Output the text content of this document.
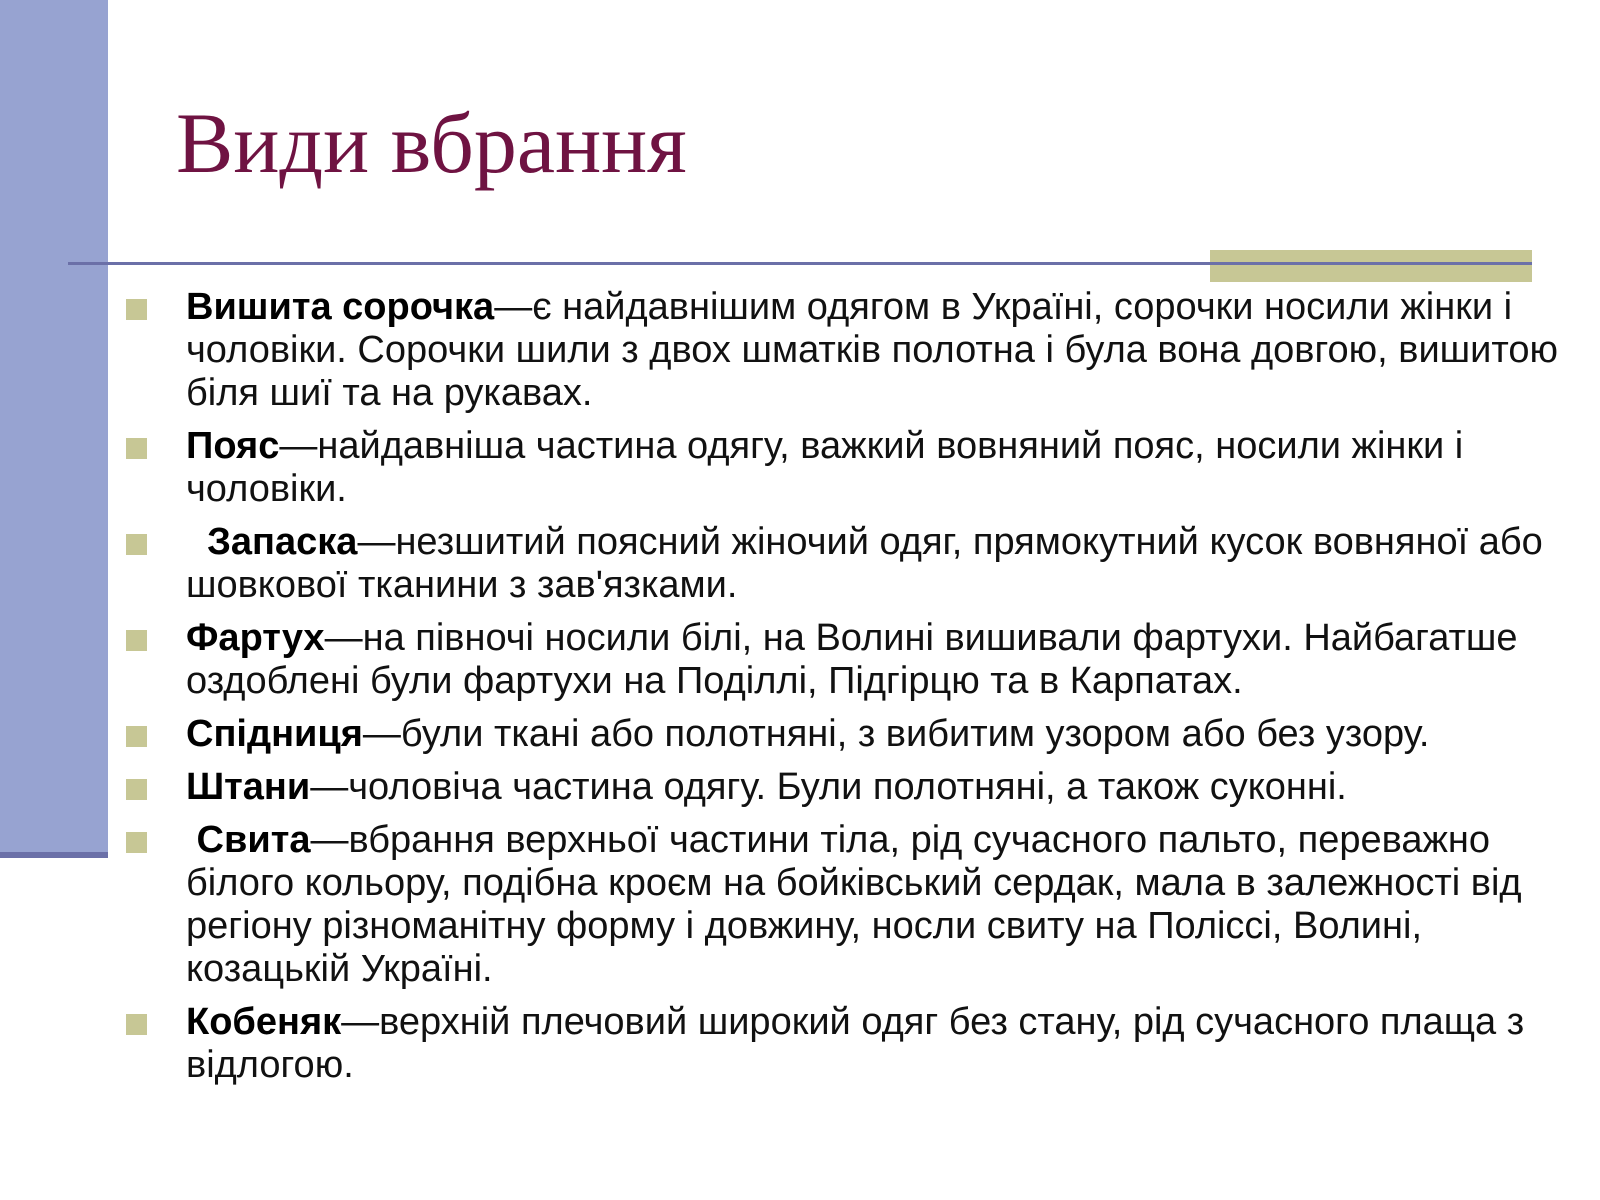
Види вбрання
Вишита сорочка—є найдавнішим одягом в Україні, сорочки носили жінки і чоловіки. Сорочки шили з двох шматків полотна і була вона довгою, вишитою біля шиї та на рукавах.
Пояс—найдавніша частина одягу, важкий вовняний пояс, носили жінки і чоловіки.
Запаска—незшитий поясний жіночий одяг, прямокутний кусок вовняної або шовкової тканини з зав'язками.
Фартух—на півночі носили білі, на Волині вишивали фартухи. Найбагатше оздоблені були фартухи на Поділлі, Підгірцю та в Карпатах.
Спідниця—були ткані або полотняні, з вибитим узором або без узору.
Штани—чоловіча частина одягу. Були полотняні, а також суконні.
Свита—вбрання верхньої частини тіла, рід сучасного пальто, переважно білого кольору, подібна кроєм на бойківський сердак, мала в залежності від регіону різноманітну форму і довжину, носли свиту на Поліссі, Волині, козацькій Україні.
Кобеняк—верхній плечовий широкий одяг без стану, рід сучасного плаща з відлогою.
